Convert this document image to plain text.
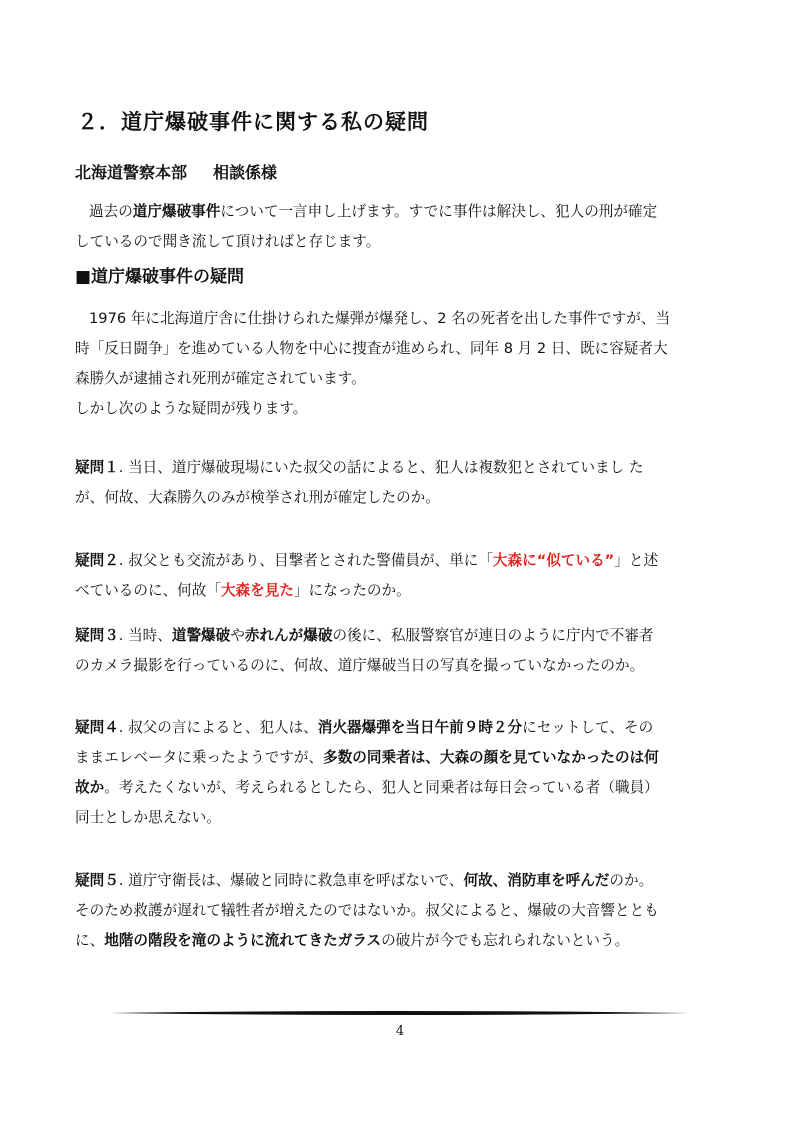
２．道庁爆破事件に関する私の疑問
北海道警察本部 相談係様
過去の道庁爆破事件について一言申し上げます。すでに事件は解決し、犯人の刑が確定
しているので聞き流して頂ければと存じます。
■道庁爆破事件の疑問
1976 年に北海道庁舎に仕掛けられた爆弾が爆発し、2 名の死者を出した事件ですが、当
時「反日闘争」を進めている人物を中心に捜査が進められ、同年 8 月 2 日、既に容疑者大
森勝久が逮捕され死刑が確定されています。
しかし次のような疑問が残ります。
疑問１. 当日、道庁爆破現場にいた叔父の話によると、犯人は複数犯とされていまし た
が、何故、大森勝久のみが検挙され刑が確定したのか。
疑問２. 叔父とも交流があり、目撃者とされた警備員が、単に「大森に“似ている”」と述
べているのに、何故「大森を見た」になったのか。
疑問３. 当時、道警爆破や赤れんが爆破の後に、私服警察官が連日のように庁内で不審者
のカメラ撮影を行っているのに、何故、道庁爆破当日の写真を撮っていなかったのか。
疑問４. 叔父の言によると、犯人は、消火器爆弾を当日午前９時２分にセットして、その
ままエレベータに乗ったようですが、多数の同乗者は、大森の顔を見ていなかったのは何
故か。考えたくないが、考えられるとしたら、犯人と同乗者は毎日会っている者（職員）
同士としか思えない。
疑問５. 道庁守衛長は、爆破と同時に救急車を呼ばないで、何故、消防車を呼んだのか。
そのため救護が遅れて犠牲者が増えたのではないか。叔父によると、爆破の大音響ととも
に、地階の階段を滝のように流れてきたガラスの破片が今でも忘れられないという。
4
